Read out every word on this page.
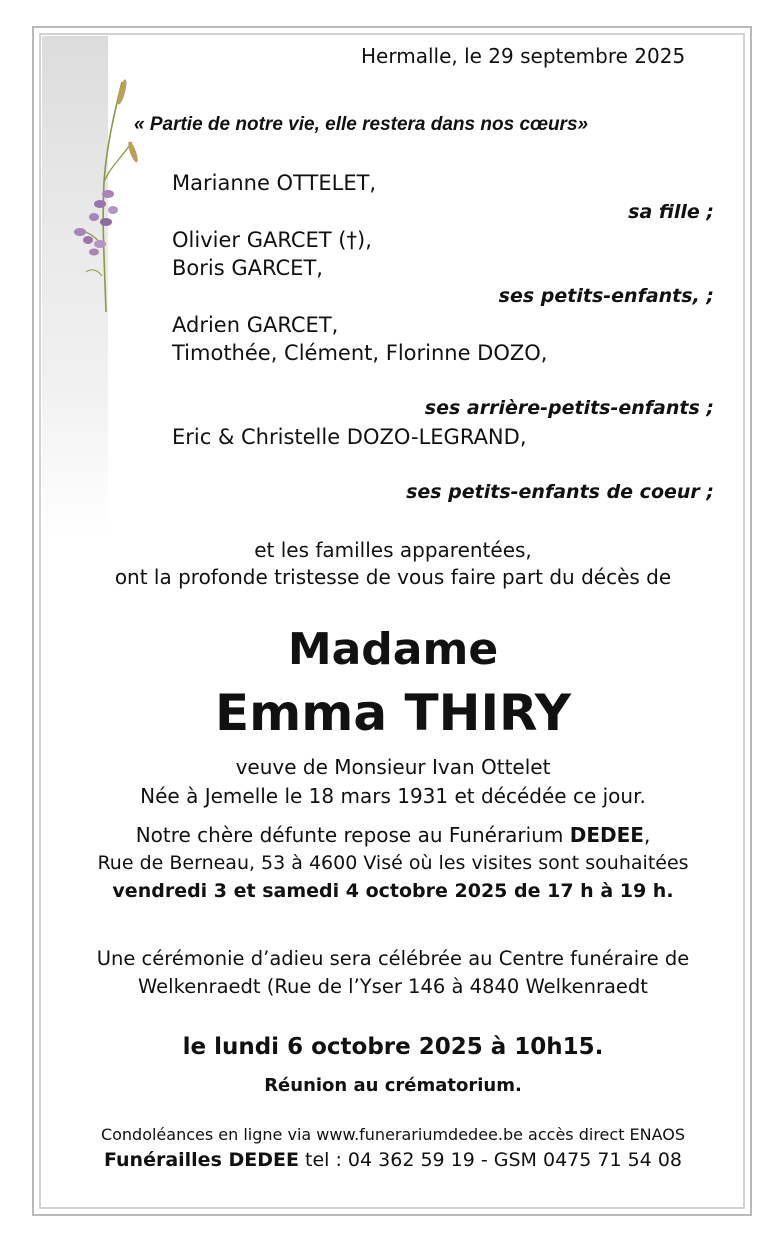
Hermalle, le 29 septembre 2025

« Partie de notre vie, elle restera dans nos cœurs»

Marianne OTTELET,

sa fille ;

Olivier GARCET (†),

Boris GARCET,

ses petits-enfants, ;

Adrien GARCET,

Timothée, Clément, Florinne DOZO,

ses arrière-petits-enfants ;

Eric & Christelle DOZO-LEGRAND,

ses petits-enfants de coeur ;

et les familles apparentées,

ont la profonde tristesse de vous faire part du décès de

Madame

Emma THIRY

veuve de Monsieur Ivan Ottelet

Née à Jemelle le 18 mars 1931 et décédée ce jour.

Notre chère défunte repose au Funérarium DEDEE,

Rue de Berneau, 53 à 4600 Visé où les visites sont souhaitées

vendredi 3 et samedi 4 octobre 2025 de 17 h à 19 h.

Une cérémonie d’adieu sera célébrée au Centre funéraire de

Welkenraedt (Rue de l’Yser 146 à 4840 Welkenraedt

le lundi 6 octobre 2025 à 10h15.

Réunion au crématorium.

Condoléances en ligne via www.funerariumdedee.be accès direct ENAOS

Funérailles DEDEE tel : 04 362 59 19 - GSM 0475 71 54 08
